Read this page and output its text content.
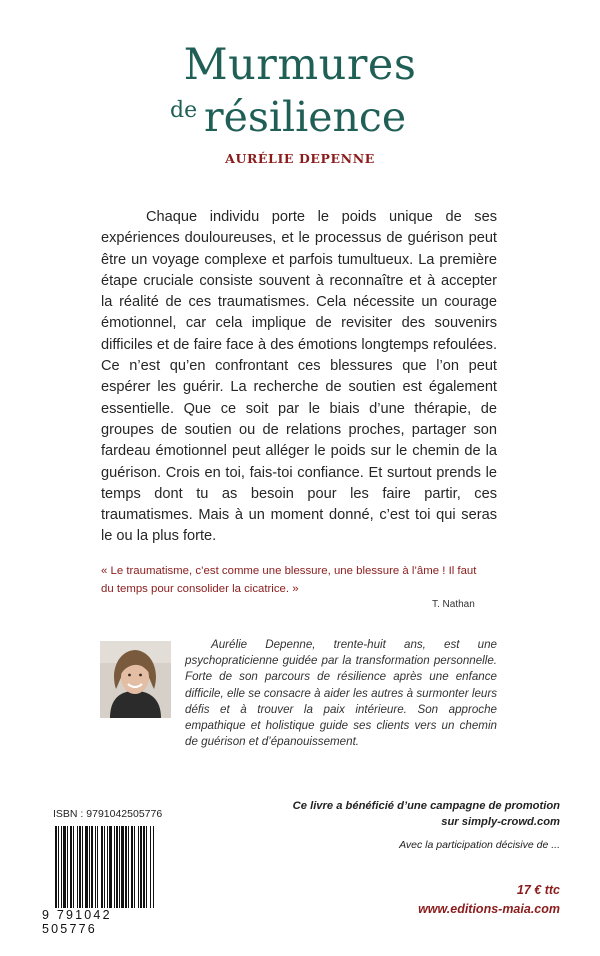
Murmures
de résilience
AURÉLIE DEPENNE

Chaque individu porte le poids unique de ses expériences douloureuses, et le processus de guérison peut être un voyage complexe et parfois tumultueux. La première étape cruciale consiste souvent à reconnaître et à accepter la réalité de ces traumatismes. Cela nécessite un courage émotionnel, car cela implique de revisiter des souvenirs difficiles et de faire face à des émotions longtemps refoulées. Ce n’est qu’en confrontant ces blessures que l’on peut espérer les guérir. La recherche de soutien est également essentielle. Que ce soit par le biais d’une thérapie, de groupes de soutien ou de relations proches, partager son fardeau émotionnel peut alléger le poids sur le chemin de la guérison. Crois en toi, fais-toi confiance. Et surtout prends le temps dont tu as besoin pour les faire partir, ces traumatismes. Mais à un moment donné, c’est toi qui seras le ou la plus forte.

« Le traumatisme, c’est comme une blessure, une blessure à l’âme ! Il faut du temps pour consolider la cicatrice. »
T. Nathan

Aurélie Depenne, trente-huit ans, est une psychopraticienne guidée par la transformation personnelle. Forte de son parcours de résilience après une enfance difficile, elle se consacre à aider les autres à surmonter leurs défis et à trouver la paix intérieure. Son approche empathique et holistique guide ses clients vers un chemin de guérison et d’épanouissement.

ISBN : 9791042505776
9 791042 505776
Ce livre a bénéficié d’une campagne de promotion
sur simply-crowd.com
Avec la participation décisive de ...
17 € ttc
www.editions-maia.com
